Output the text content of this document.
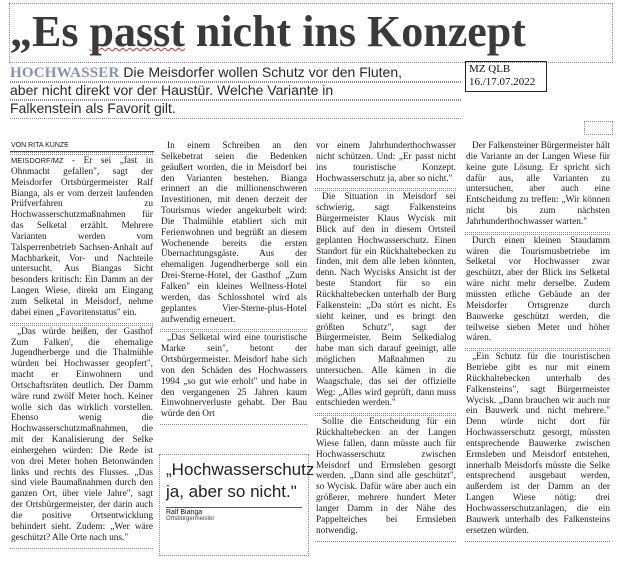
„Es passt nicht ins Konzept
HOCHWASSER Die Meisdorfer wollen Schutz vor den Fluten,
aber nicht direkt vor der Haustür. Welche Variante in
Falkenstein als Favorit gilt.
MZ QLB
16./17.07.2022
VON RITA KUNZE

MEISDORF/MZ - Er sei „fast in Ohnmacht gefallen", sagt der Meisdorfer Ortsbürgermeister Ralf Biangа, als er vom derzeit laufenden Prüfverfahren zu Hochwasserschutzmaßnahmen für das Selketal erzählt. Mehrere Varianten werden vom Talsperrenbetrieb Sachsen-Anhalt auf Machbarkeit, Vor- und Nachteile untersucht. Aus Biangas Sicht besonders kritisch: Ein Damm an der Langen Wiese, direkt am Eingang zum Selketal in Meisdorf, nehme dabei einen „Favoritenstatus" ein.

„Das würde heißen, der Gasthof Zum Falken', die ehemalige Jugendherberge und die Thalmühle würden bei Hochwasser geopfert", macht er Einwohnern und Ortschaftsräten deutlich. Der Damm wäre rund zwölf Meter hoch. Keiner wolle sich das wirklich vorstellen. Ebenso wenig die Hochwasserschutzmaßnahmen, die mit der Kanalisierung der Selke einhergehen würden: Die Rede ist von drei Meter hohen Betonwänden links und rechts des Flusses. „Das sind viele Baumaßnahmen durch den ganzen Ort, über viele Jahre", sagt der Ortsbürgermeister, der darin auch die positive Ortsentwicklung behindert sieht. Zudem: „Wer wäre geschützt? Alle Orte nach uns."

In einem Schreiben an den Selkebetrat seien die Bedenken geäußert worden, die in Meisdorf bei den Varianten bestehen. Biangа erinnert an die millionenschweren Investitionen, mit denen derzeit der Tourismus wieder angekurbelt wird: Die Thalmühle etabliert sich mit Ferienwohnen und begrüßt an diesem Wochenende bereits die ersten Übernachtungsgäste. Aus der ehemaligen Jugendherberge soll ein Drei-Sterne-Hotel, der Gasthof „Zum Falken" ein kleines Wellness-Hotel werden, das Schlosshotel wird als geplantes Vier-Sterne-plus-Hotel aufwendig erneuert.

„Das Selketal wird eine touristische Marke sein", betont der Ortsbürgermeister. Meisdorf habe sich von den Schäden des Hochwassers 1994 „so gut wie erholt" und habe in den vergangenen 25 Jahren kaum Einwohnerverluste gehabt. Der Bau würde den Ort

„Hochwasserschutz ja, aber so nicht."
Ralf Biangа
Ortsbürgermeister

vor einem Jahrhunderthochwasser nicht schützen. Und: „Er passt nicht ins touristische Konzept. Hochwasserschutz ja, aber so nicht."

Die Situation in Meisdorf sei schwierig, sagt Falkensteins Bürgermeister Klaus Wycisk mit Blick auf den in diesem Ortsteil geplanten Hochwasserschutz. Einen Standort für ein Rückhaltebecken zu finden, mit dem alle leben könnten, denn. Nach Wycisks Ansicht ist der beste Standort für so ein Rückhaltebecken unterhalb der Burg Falkenstein: „Da stört es nicht. Es sieht keiner, und es bringt den größten Schutz", sagt der Bürgermeister. Beim Selkedialog habe man sich darauf geeinigt, alle möglichen Maßnahmen zu untersuchen. Alle kämen in die Waagschale, das sei der offizielle Weg: „Alles wird geprüft, dann muss entschieden werden."

Sollte die Entscheidung für ein Rückhaltebecken an der Langen Wiese fallen, dann müsste auch für Hochwasserschutz zwischen Meisdorf und Ermsleben gesorgt werden. „Dann sind alle geschützt", so Wycisk. Dafür wäre aber auch ein größerer, mehrere hundert Meter langer Damm in der Nähe des Pappelteiches bei Ermsleben notwendig.

Der Falkensteiner Bürgermeister hält die Variante an der Langen Wiese für keine gute Lösung. Er spricht sich dafür aus, alle Varianten zu untersuchen, aber auch eine Entscheidung zu treffen: „Wir können nicht bis zum nächsten Jahrhunderthochwasser warten."

Durch einen kleinen Staudamm wären die Tourismusbetriebe im Selketal vor Hochwasser zwar geschützt, aber der Blick ins Selketal wäre nicht mehr derselbe. Zudem müssten etliche Gebäude an der Meisdorfer Ortsgrenze durch Bauwerke geschützt werden, die teilweise sieben Meter und höher wären.

„Ein Schutz für die touristischen Betriebe gibt es nur mit einem Rückhaltebecken unterhalb des Falkensteins", sagt Bürgermeister Wycisk. „Dann brauchen wir auch nur ein Bauwerk und nicht mehrere." Denn würde nicht dort für Hochwasserschutz gesorgt, müssten entsprechende Bauwerke zwischen Ermsleben und Meisdorf entstehen, innerhalb Meisdorfs müsste die Selke entsprechend ausgebaut werden, außerdem ist der Damm an der Langen Wiese nötig: drei Hochwasserschutzanlagen, die ein Bauwerk unterhalb des Falkensteins ersetzen würden.
